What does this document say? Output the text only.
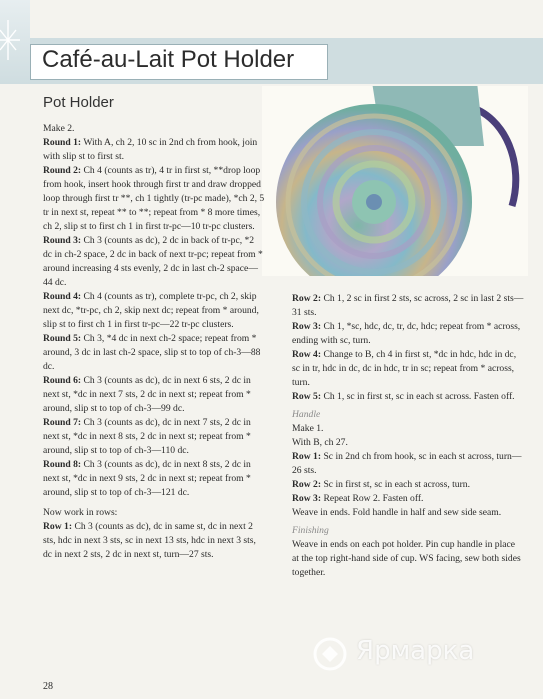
Café-au-Lait Pot Holder
Pot Holder

Make 2.

Round 1: With A, ch 2, 10 sc in 2nd ch from hook, join with slip st to first st.

Round 2: Ch 4 (counts as tr), 4 tr in first st, **drop loop from hook, insert hook through first tr and draw dropped loop through first tr **, ch 1 tightly (tr-pc made), *ch 2, 5 tr in next st, repeat ** to **; repeat from * 8 more times, ch 2, slip st to first ch 1 in first tr-pc—10 tr-pc clusters.

Round 3: Ch 3 (counts as dc), 2 dc in back of tr-pc, *2 dc in ch-2 space, 2 dc in back of next tr-pc; repeat from * around increasing 4 sts evenly, 2 dc in last ch-2 space—44 dc.

Round 4: Ch 4 (counts as tr), complete tr-pc, ch 2, skip next dc, *tr-pc, ch 2, skip next dc; repeat from * around, slip st to first ch 1 in first tr-pc—22 tr-pc clusters.

Round 5: Ch 3, *4 dc in next ch-2 space; repeat from * around, 3 dc in last ch-2 space, slip st to top of ch-3—88 dc.

Round 6: Ch 3 (counts as dc), dc in next 6 sts, 2 dc in next st, *dc in next 7 sts, 2 dc in next st; repeat from * around, slip st to top of ch-3—99 dc.

Round 7: Ch 3 (counts as dc), dc in next 7 sts, 2 dc in next st, *dc in next 8 sts, 2 dc in next st; repeat from * around, slip st to top of ch-3—110 dc.

Round 8: Ch 3 (counts as dc), dc in next 8 sts, 2 dc in next st, *dc in next 9 sts, 2 dc in next st; repeat from * around, slip st to top of ch-3—121 dc.

Now work in rows:

Row 1: Ch 3 (counts as dc), dc in same st, dc in next 2 sts, hdc in next 3 sts, sc in next 13 sts, hdc in next 3 sts, dc in next 2 sts, 2 dc in next st, turn—27 sts.

Row 2: Ch 1, 2 sc in first 2 sts, sc across, 2 sc in last 2 sts—31 sts.

Row 3: Ch 1, *sc, hdc, dc, tr, dc, hdc; repeat from * across, ending with sc, turn.

Row 4: Change to B, ch 4 in first st, *dc in hdc, hdc in dc, sc in tr, hdc in dc, dc in hdc, tr in sc; repeat from * across, turn.

Row 5: Ch 1, sc in first st, sc in each st across. Fasten off.

Handle

Make 1.

With B, ch 27.

Row 1: Sc in 2nd ch from hook, sc in each st across, turn—26 sts.

Row 2: Sc in first st, sc in each st across, turn.

Row 3: Repeat Row 2. Fasten off.

Weave in ends. Fold handle in half and sew side seam.

Finishing

Weave in ends on each pot holder. Pin cup handle in place at the top right-hand side of cup. WS facing, sew both sides together.

28
Ярмарка
